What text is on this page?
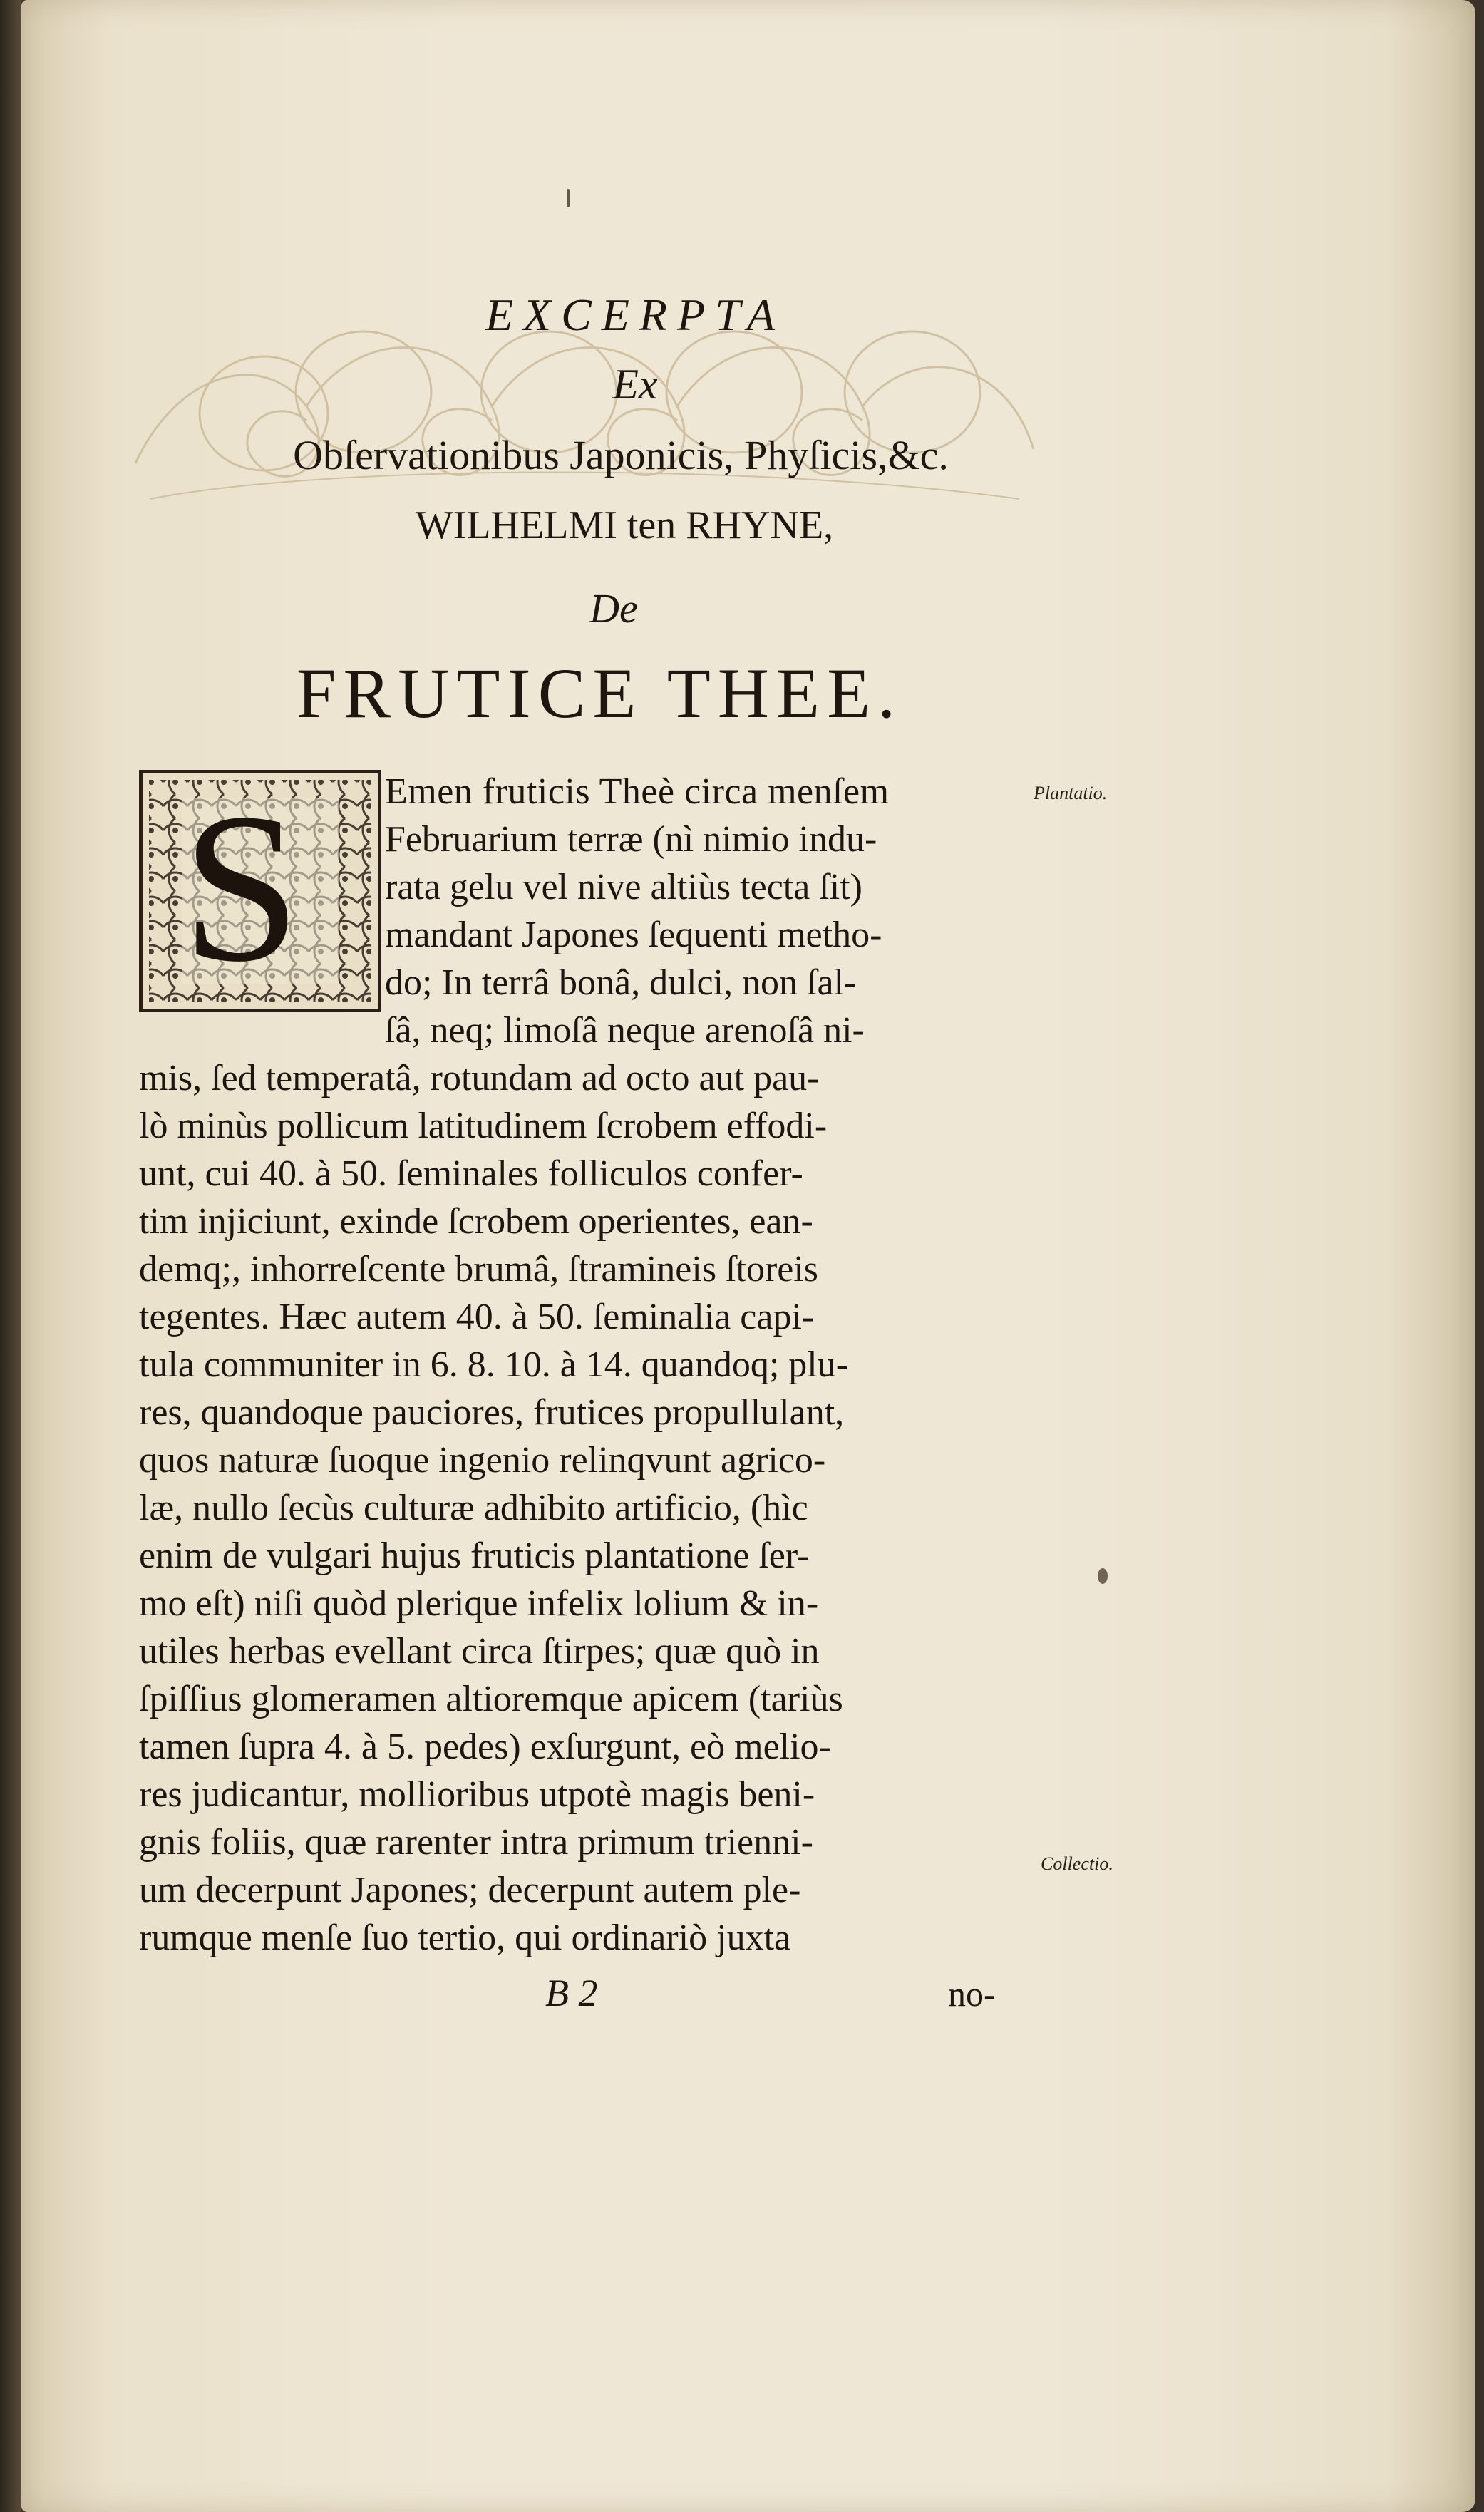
EXCERPTA
Ex
Obſervationibus Japonicis, Phyſicis,&c.
WILHELMI ten RHYNE,
De
FRUTICE THEE.
S Emen fruticis Theè circa menſem
Februarium terræ (nì nimio indu-
rata gelu vel nive altiùs tecta ſit)
mandant Japones ſequenti metho-
do; In terrâ bonâ, dulci, non ſal-
ſâ, neq; limoſâ neque arenoſâ ni-
mis, ſed temperatâ, rotundam ad octo aut pau-
lò minùs pollicum latitudinem ſcrobem effodi-
unt, cui 40. à 50. ſeminales folliculos confer-
tim injiciunt, exinde ſcrobem operientes, ean-
demq;, inhorreſcente brumâ, ſtramineis ſtoreis
tegentes. Hæc autem 40. à 50. ſeminalia capi-
tula communiter in 6. 8. 10. à 14. quandoq; plu-
res, quandoque pauciores, frutices propullulant,
quos naturæ ſuoque ingenio relinqvunt agrico-
læ, nullo ſecùs culturæ adhibito artificio, (hìc
enim de vulgari hujus fruticis plantatione ſer-
mo eſt) niſi quòd plerique infelix lolium & in-
utiles herbas evellant circa ſtirpes; quæ quò in
ſpiſſius glomeramen altioremque apicem (tariùs
tamen ſupra 4. à 5. pedes) exſurgunt, eò melio-
res judicantur, mollioribus utpotè magis beni-
gnis foliis, quæ rarenter intra primum trienni-
um decerpunt Japones; decerpunt autem ple-
rumque menſe ſuo tertio, qui ordinariò juxta
Plantatio.
Collectio.
B 2	no-
